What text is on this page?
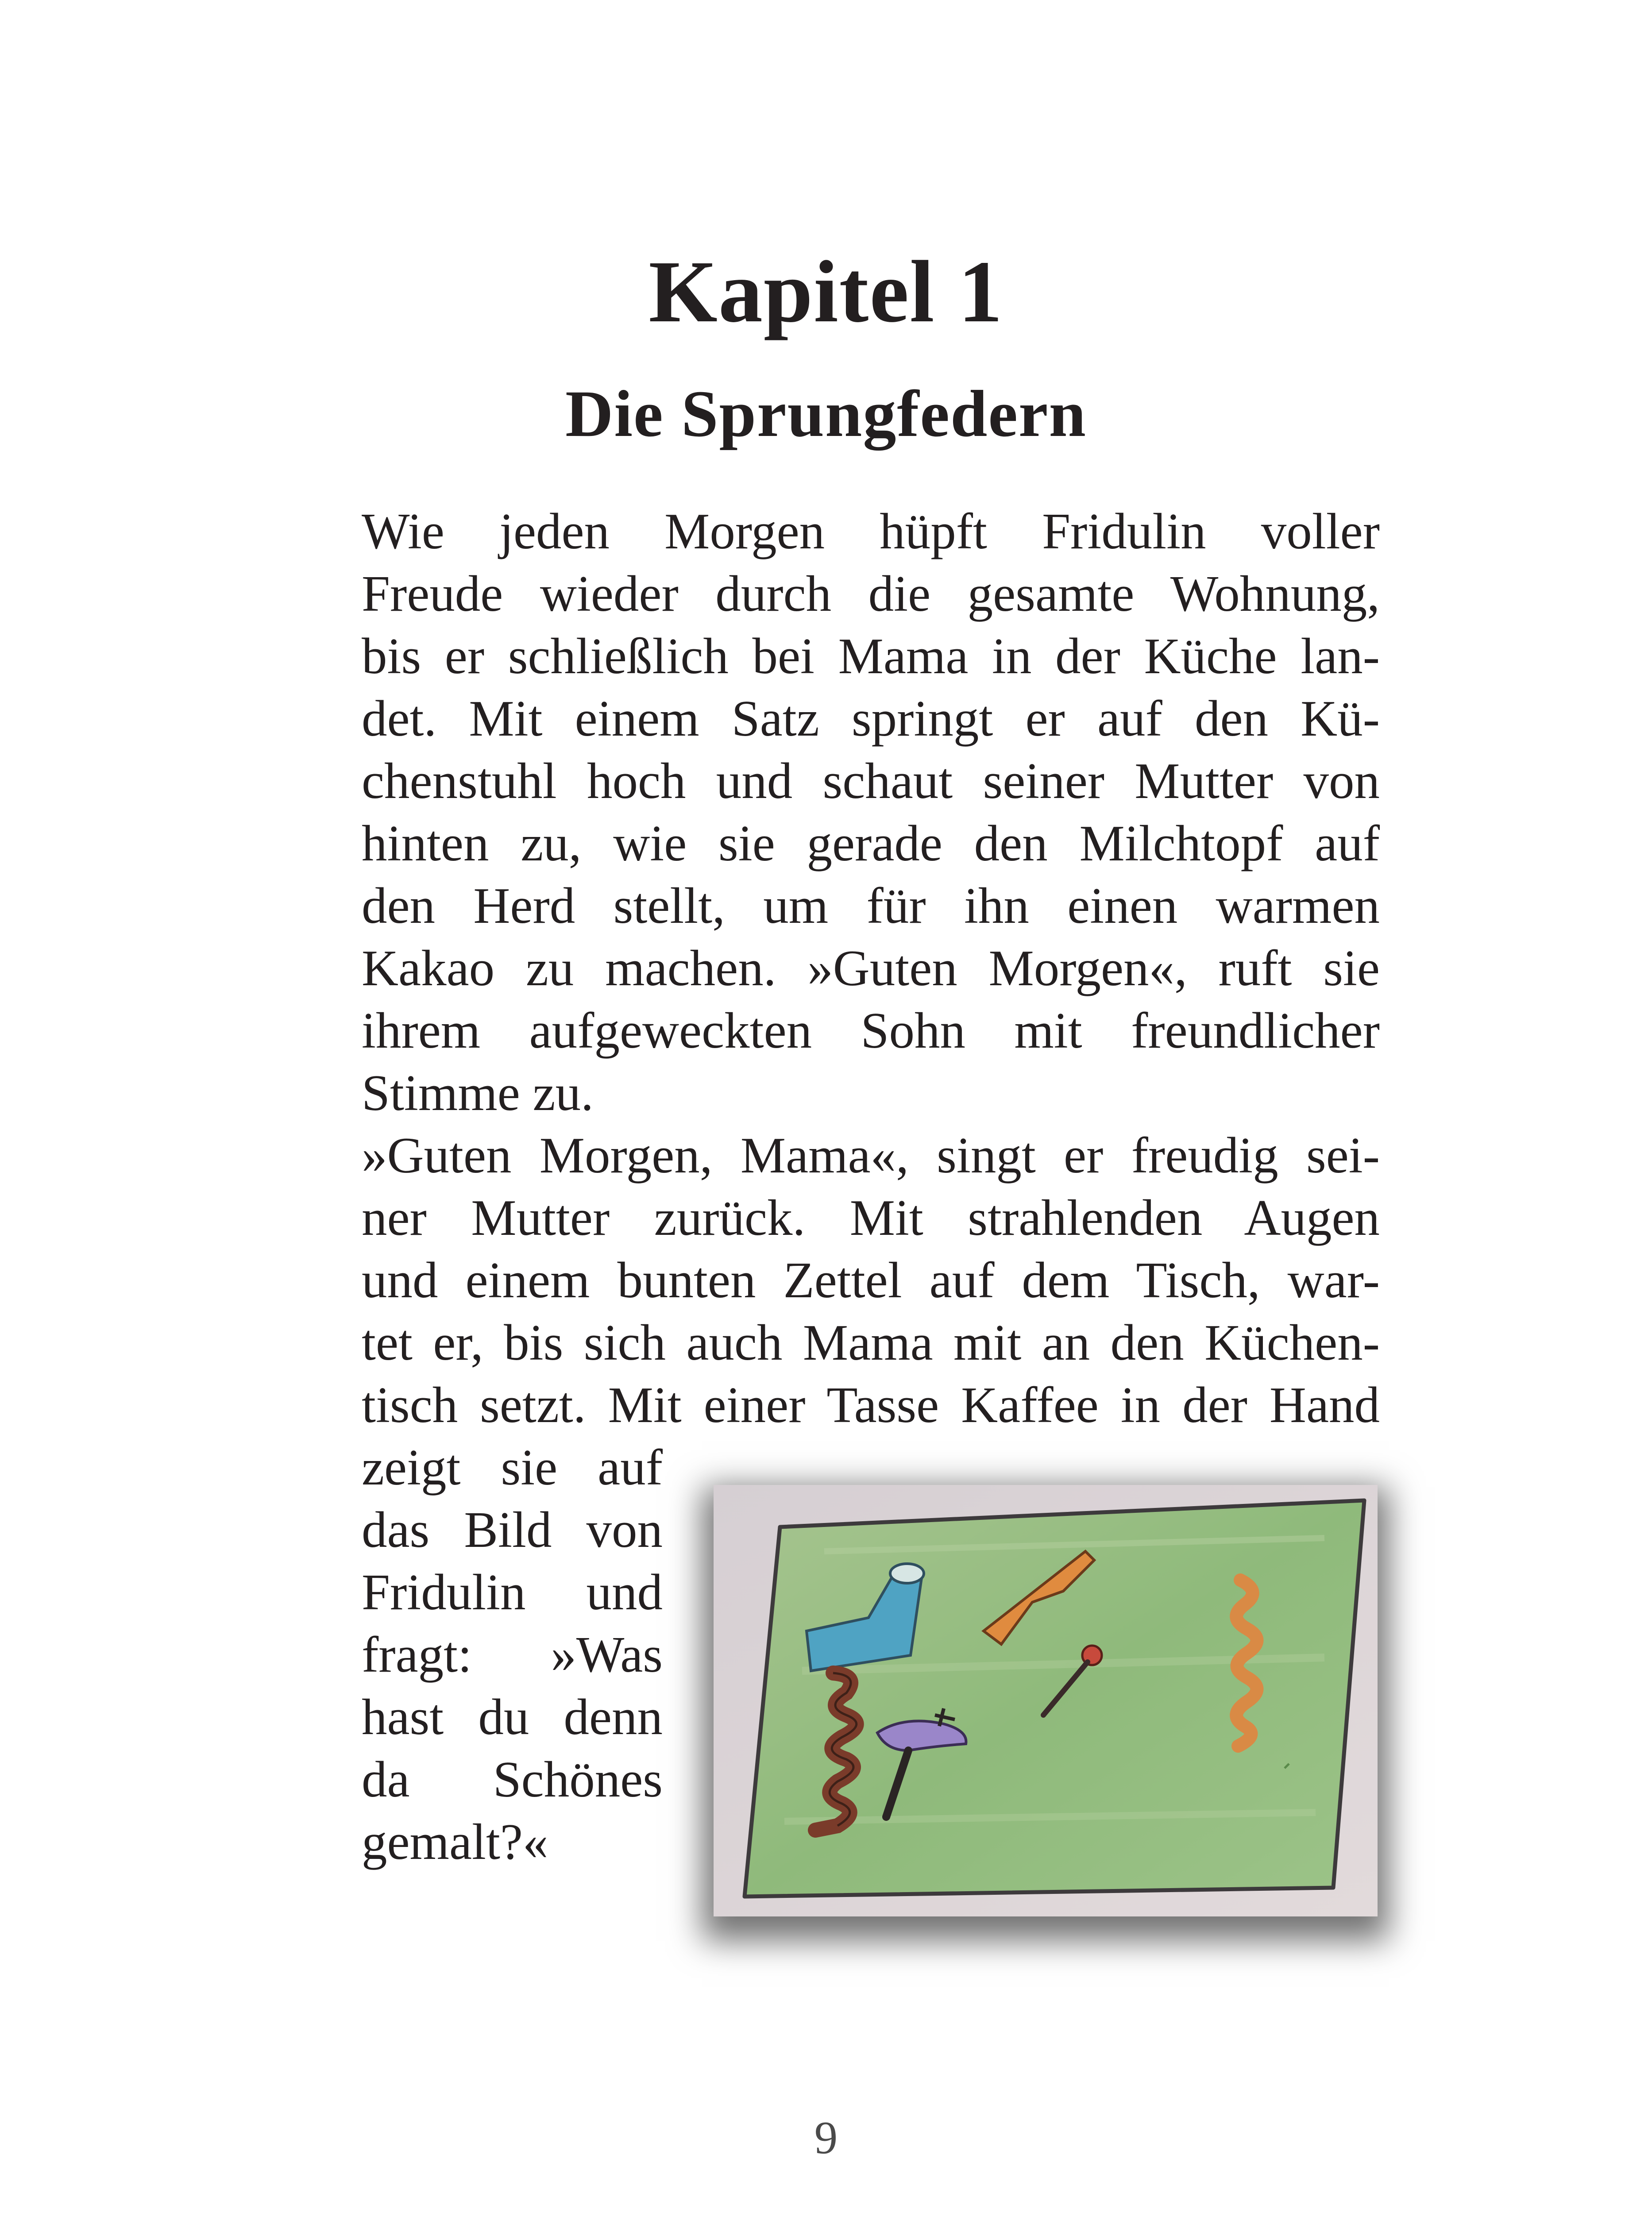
Kapitel 1
Die Sprungfedern
Wie jeden Morgen hüpft Fridulin voller
Freude wieder durch die gesamte Wohnung,
bis er schließlich bei Mama in der Küche lan-
det. Mit einem Satz springt er auf den Kü-
chenstuhl hoch und schaut seiner Mutter von
hinten zu, wie sie gerade den Milchtopf auf
den Herd stellt, um für ihn einen warmen
Kakao zu machen. »Guten Morgen«, ruft sie
ihrem aufgeweckten Sohn mit freundlicher
Stimme zu.
»Guten Morgen, Mama«, singt er freudig sei-
ner Mutter zurück. Mit strahlenden Augen
und einem bunten Zettel auf dem Tisch, war-
tet er, bis sich auch Mama mit an den Küchen-
tisch setzt. Mit einer Tasse Kaffee in der Hand
zeigt sie auf
das Bild von
Fridulin und
fragt: »Was
hast du denn
da Schönes
gemalt?«
9
